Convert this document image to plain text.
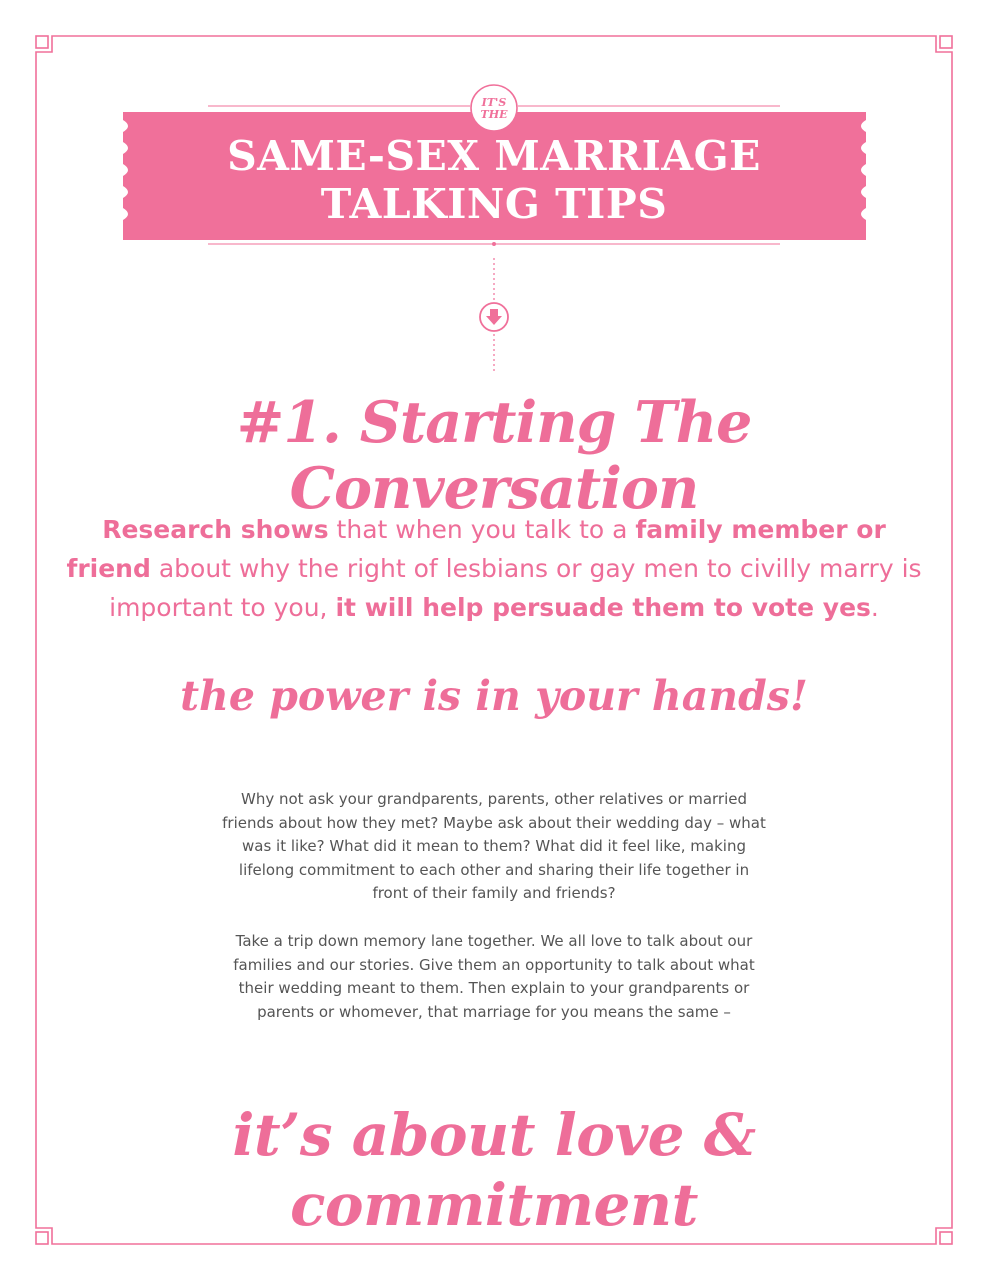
IT'S
THE
SAME-SEX MARRIAGE
TALKING TIPS
#1. Starting The Conversation
Research shows that when you talk to a family member or friend about why the right of lesbians or gay men to civilly marry is important to you, it will help persuade them to vote yes.
the power is in your hands!
Why not ask your grandparents, parents, other relatives or married friends about how they met? Maybe ask about their wedding day – what was it like? What did it mean to them? What did it feel like, making lifelong commitment to each other and sharing their life together in front of their family and friends?
Take a trip down memory lane together. We all love to talk about our families and our stories. Give them an opportunity to talk about what their wedding meant to them. Then explain to your grandparents or parents or whomever, that marriage for you means the same –
it’s about love & commitment
